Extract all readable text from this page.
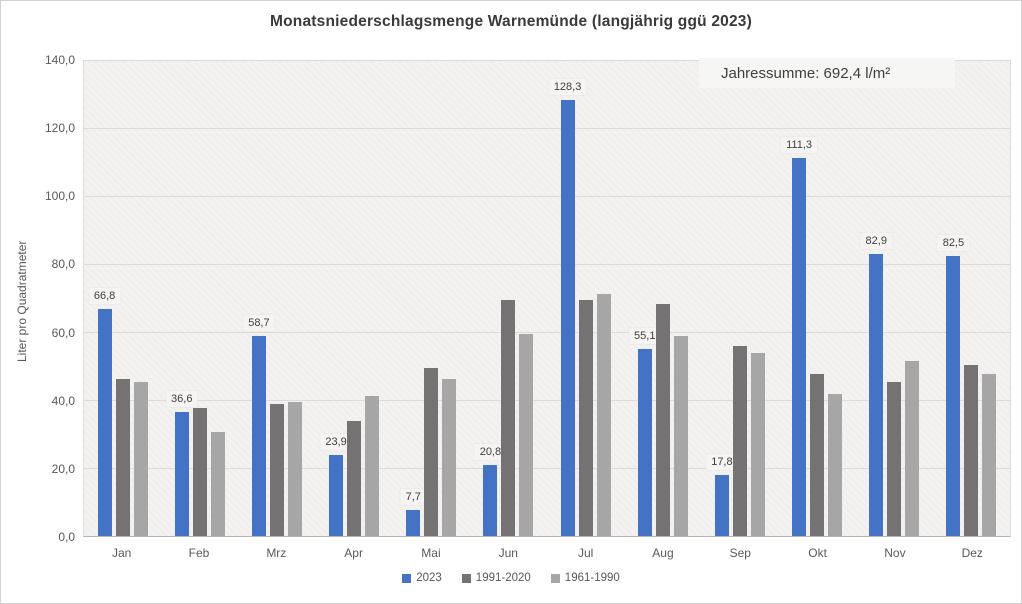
Monatsniederschlagsmenge Warnemünde (langjährig ggü 2023)
Liter pro Quadratmeter
0,0
20,0
40,0
60,0
80,0
100,0
120,0
140,0
66,8
36,6
58,7
23,9
7,7
20,8
128,3
55,1
17,8
111,3
82,9	82,5
Jahressumme: 692,4 l/m²
Jan	Feb	Mrz	Apr	Mai	Jun	Jul	Aug	Sep	Okt	Nov	Dez
2023	1991-2020	1961-1990
